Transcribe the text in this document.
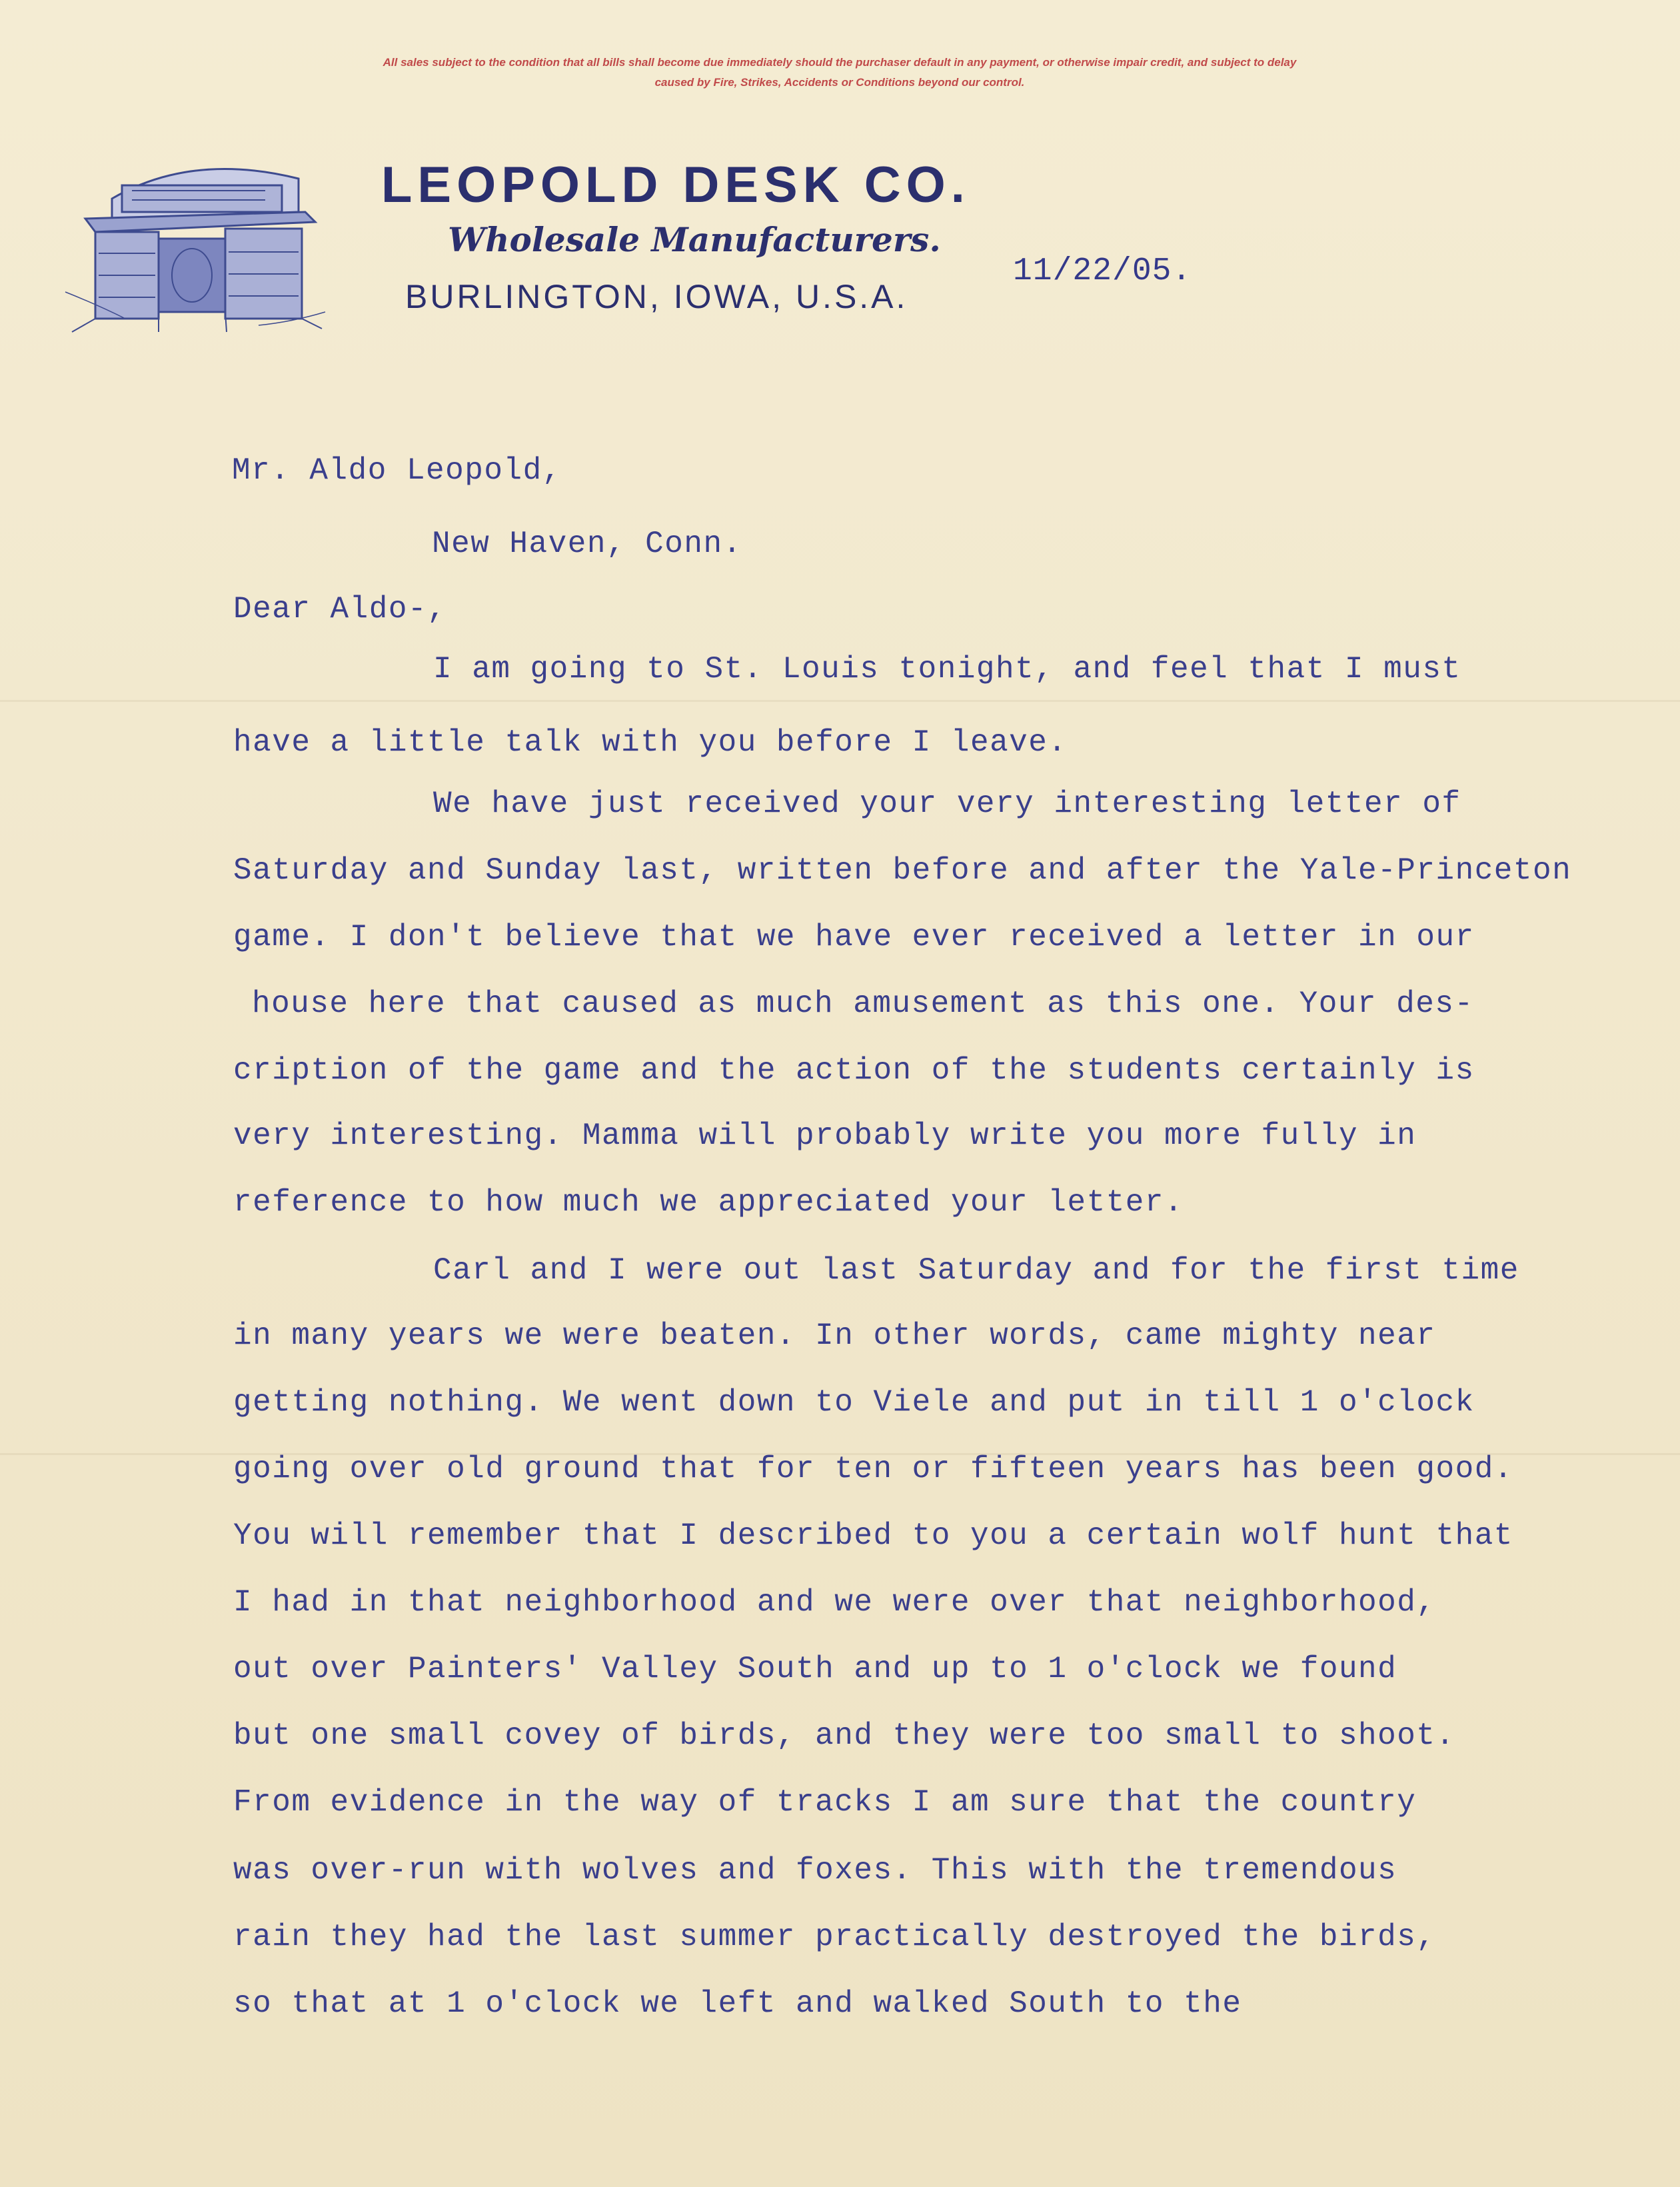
All sales subject to the condition that all bills shall become due immediately should the purchaser default in any payment, or otherwise impair credit, and subject to delay
caused by Fire, Strikes, Accidents or Conditions beyond our control.
LEOPOLD DESK CO.
Wholesale Manufacturers.
BURLINGTON, IOWA, U.S.A.
11/22/05.
Mr. Aldo Leopold,
New Haven, Conn.
Dear Aldo-,
I am going to St. Louis tonight, and feel that I must
have a little talk with you before I leave.
We have just received your very interesting letter of
Saturday and Sunday last, written before and after the Yale-Princeton
game. I don't believe that we have ever received a letter in our
house here that caused as much amusement as this one. Your des-
cription of the game and the action of the students certainly is
very interesting. Mamma will probably write you more fully in
reference to how much we appreciated your letter.
Carl and I were out last Saturday and for the first time
in many years we were beaten. In other words, came mighty near
getting nothing. We went down to Viele and put in till 1 o'clock
going over old ground that for ten or fifteen years has been good.
You will remember that I described to you a certain wolf hunt that
I had in that neighborhood and we were over that neighborhood,
out over Painters' Valley South and up to 1 o'clock we found
but one small covey of birds, and they were too small to shoot.
From evidence in the way of tracks I am sure that the country
was over-run with wolves and foxes. This with the tremendous
rain they had the last summer practically destroyed the birds,
so that at 1 o'clock we left and walked South to the
